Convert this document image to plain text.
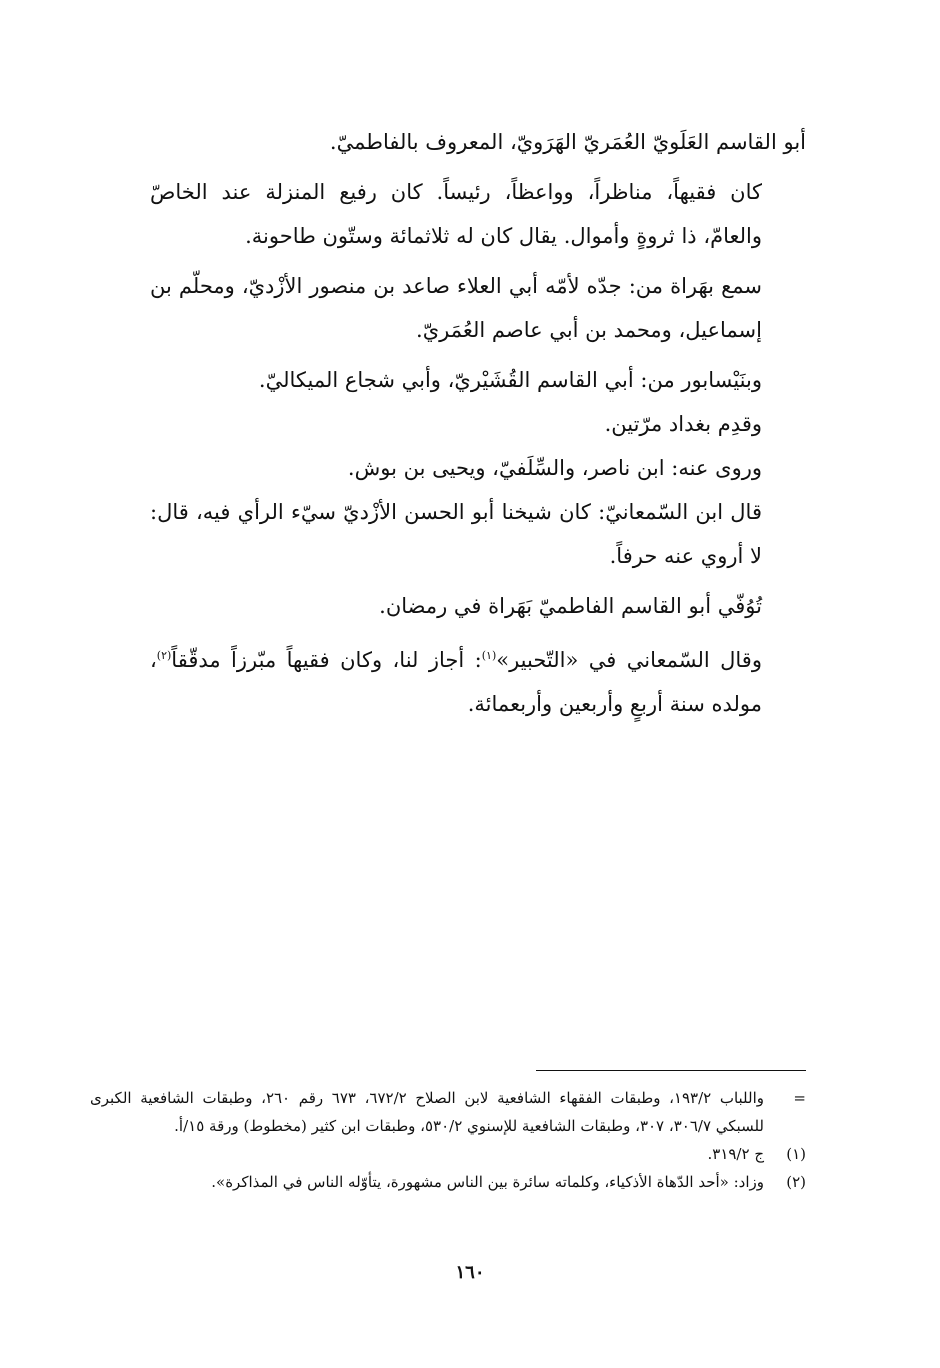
أبو القاسم العَلَويّ العُمَريّ الهَرَويّ، المعروف بالفاطميّ.

كان فقيهاً، مناظراً، وواعظاً، رئيساً. كان رفيع المنزلة عند الخاصّ والعامّ، ذا ثروةٍ وأموال. يقال كان له ثلاثمائة وستّون طاحونة.

سمع بهَراة من: جدّه لأمّه أبي العلاء صاعد بن منصور الأزْديّ، ومحلّم بن إسماعيل، ومحمد بن أبي عاصم العُمَريّ.

وبنَيْسابور من: أبي القاسم القُشَيْريّ، وأبي شجاع الميكاليّ.

وقدِم بغداد مرّتين.

وروى عنه: ابن ناصر، والسِّلَفيّ، ويحيى بن بوش.

قال ابن السّمعانيّ: كان شيخنا أبو الحسن الأزْديّ سيّء الرأي فيه، قال: لا أروي عنه حرفاً.

تُوُفّي أبو القاسم الفاطميّ بَهَراة في رمضان.

وقال السّمعاني في «التّحبير»$^{(١)}$: أجاز لنا، وكان فقيهاً مبّرزاً مدقّقاً$^{(٢)}$، مولده سنة أربعٍ وأربعين وأربعمائة.

=
واللباب ١٩٣/٢، وطبقات الفقهاء الشافعية لابن الصلاح ٦٧٢/٢، ٦٧٣ رقم ٢٦٠، وطبقات الشافعية الكبرى للسبكي ٣٠٦/٧، ٣٠٧، وطبقات الشافعية للإسنوي ٥٣٠/٢، وطبقات ابن كثير (مخطوط) ورقة ١٥/أ.
(١)
ج ٣١٩/٢.
(٢)
وزاد: «أحد الدّهاة الأذكياء، وكلماته سائرة بين الناس مشهورة، يتأوّله الناس في المذاكرة».
١٦٠
